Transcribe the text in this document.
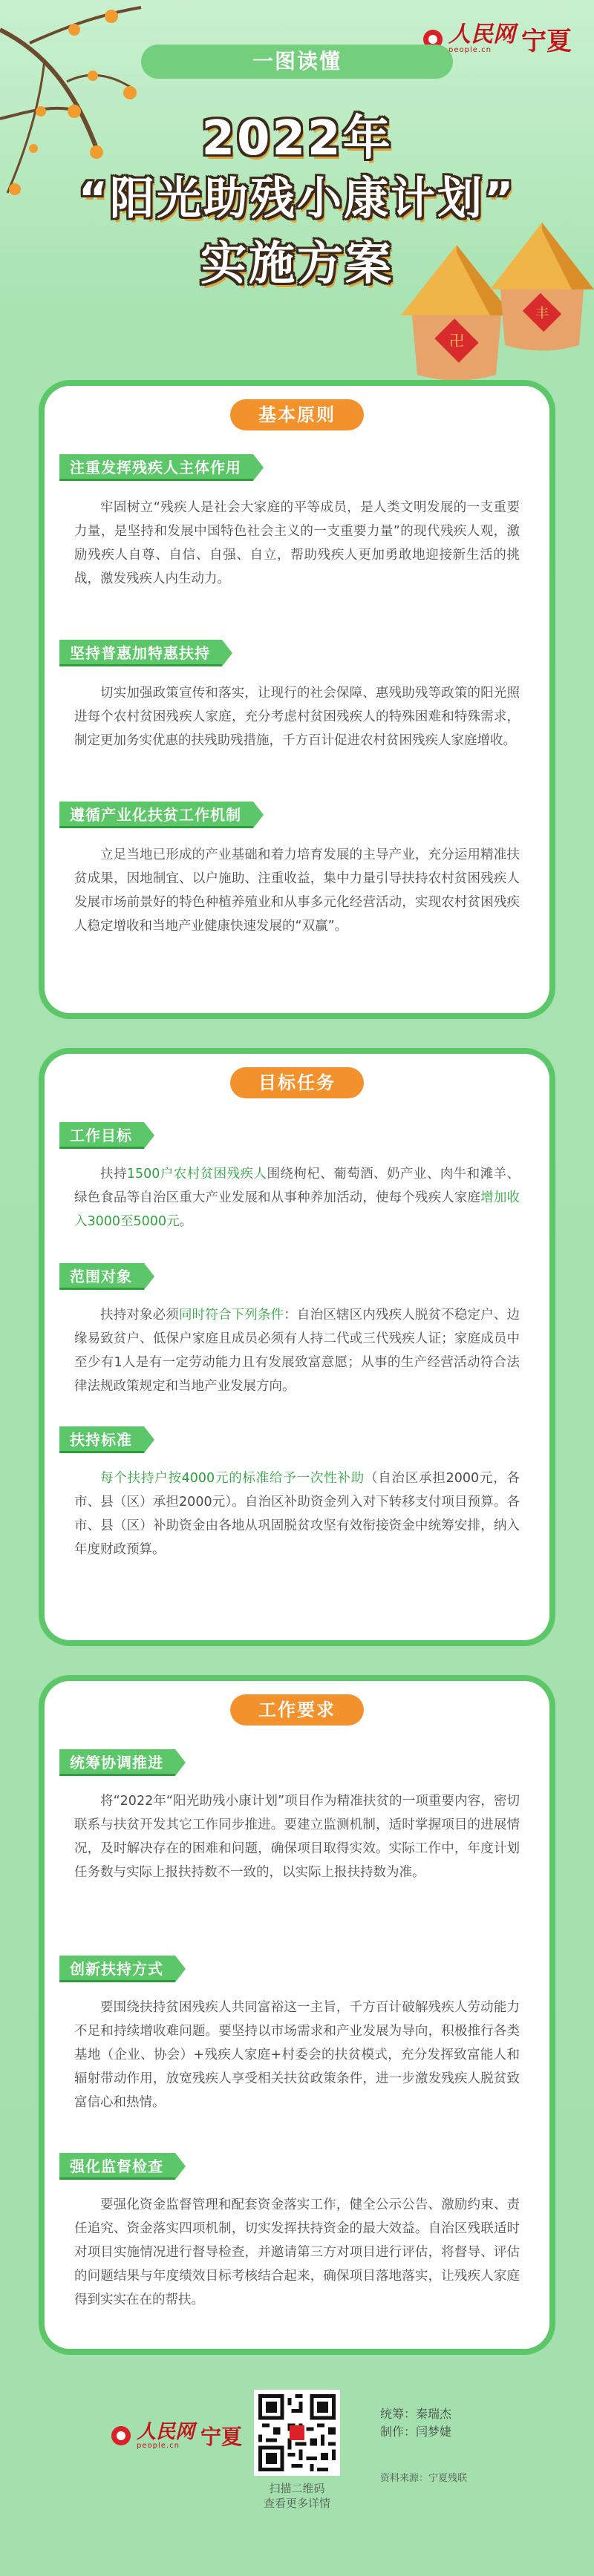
人民网
people.cn	宁夏
一图读懂
2022年
“阳光助残小康计划”
实施方案
卍
丰
基本原则
注重发挥残疾人主体作用

牢固树立“残疾人是社会大家庭的平等成员，是人类文明发展的一支重要力量，是坚持和发展中国特色社会主义的一支重要力量”的现代残疾人观，激励残疾人自尊、自信、自强、自立，帮助残疾人更加勇敢地迎接新生活的挑战，激发残疾人内生动力。

坚持普惠加特惠扶持

切实加强政策宣传和落实，让现行的社会保障、惠残助残等政策的阳光照进每个农村贫困残疾人家庭，充分考虑村贫困残疾人的特殊困难和特殊需求，制定更加务实优惠的扶残助残措施，千方百计促进农村贫困残疾人家庭增收。

遵循产业化扶贫工作机制

立足当地已形成的产业基础和着力培育发展的主导产业，充分运用精准扶贫成果，因地制宜、以户施助、注重收益，集中力量引导扶持农村贫困残疾人发展市场前景好的特色种植养殖业和从事多元化经营活动，实现农村贫困残疾人稳定增收和当地产业健康快速发展的“双赢”。

目标任务
工作目标

扶持1500户农村贫困残疾人围绕枸杞、葡萄酒、奶产业、肉牛和滩羊、绿色食品等自治区重大产业发展和从事种养加活动，使每个残疾人家庭增加收入3000至5000元。

范围对象

扶持对象必须同时符合下列条件：自治区辖区内残疾人脱贫不稳定户、边缘易致贫户、低保户家庭且成员必须有人持二代或三代残疾人证；家庭成员中至少有1人是有一定劳动能力且有发展致富意愿；从事的生产经营活动符合法律法规政策规定和当地产业发展方向。

扶持标准

每个扶持户按4000元的标准给予一次性补助（自治区承担2000元，各市、县（区）承担2000元）。自治区补助资金列入对下转移支付项目预算。各市、县（区）补助资金由各地从巩固脱贫攻坚有效衔接资金中统筹安排，纳入年度财政预算。

工作要求
统筹协调推进

将“2022年“阳光助残小康计划”项目作为精准扶贫的一项重要内容，密切联系与扶贫开发其它工作同步推进。要建立监测机制，适时掌握项目的进展情况，及时解决存在的困难和问题，确保项目取得实效。实际工作中，年度计划任务数与实际上报扶持数不一致的，以实际上报扶持数为准。

创新扶持方式

要围绕扶持贫困残疾人共同富裕这一主旨，千方百计破解残疾人劳动能力不足和持续增收难问题。要坚持以市场需求和产业发展为导向，积极推行各类基地（企业、协会）+残疾人家庭+村委会的扶贫模式，充分发挥致富能人和辐射带动作用，放宽残疾人享受相关扶贫政策条件，进一步激发残疾人脱贫致富信心和热情。

强化监督检查

要强化资金监督管理和配套资金落实工作，健全公示公告、激励约束、责任追究、资金落实四项机制，切实发挥扶持资金的最大效益。自治区残联适时对项目实施情况进行督导检查，并邀请第三方对项目进行评估，将督导、评估的问题结果与年度绩效目标考核结合起来，确保项目落地落实，让残疾人家庭得到实实在在的帮扶。

人民网
people.cn	宁夏
扫描二维码
查看更多详情
统筹：秦瑞杰
制作：闫梦婕
资料来源：宁夏残联
